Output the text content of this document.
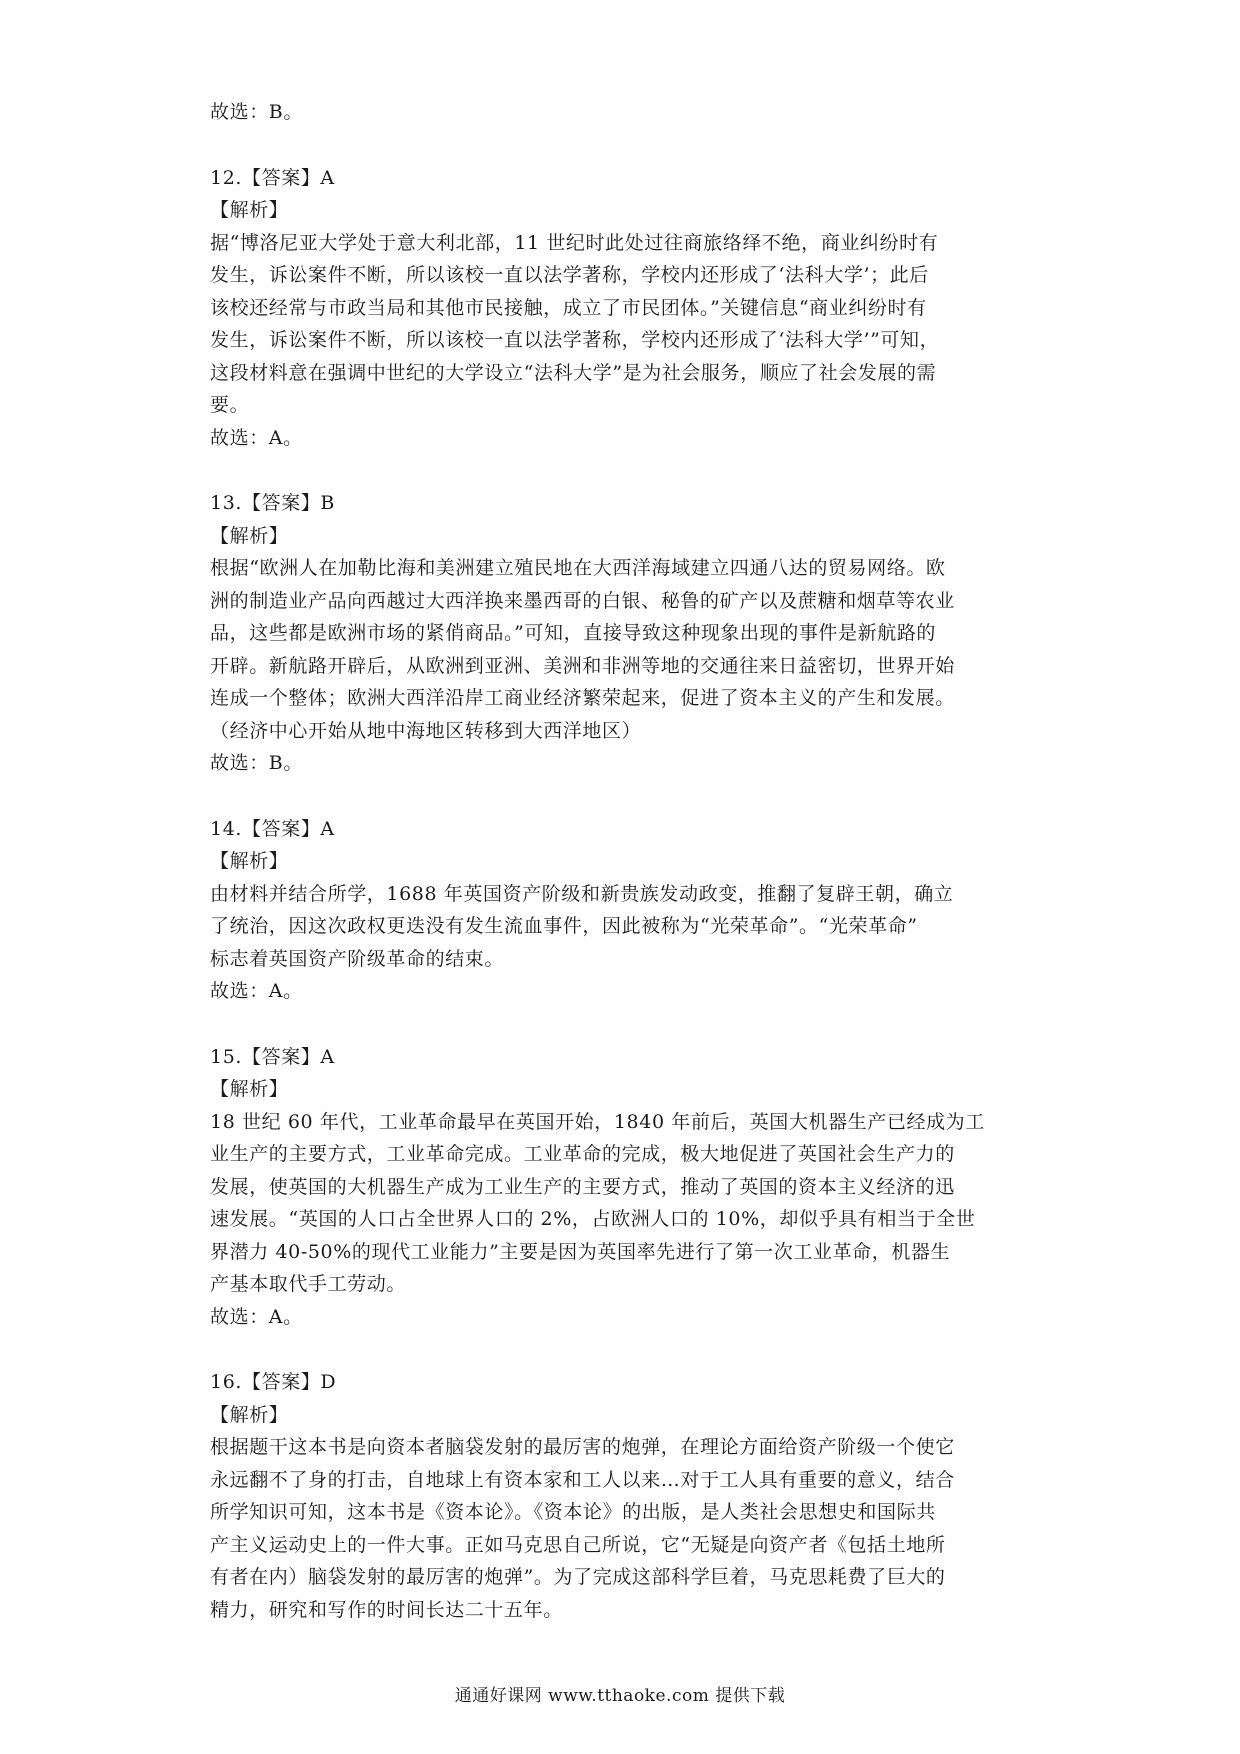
故选：B。
12.【答案】A
【解析】
据“博洛尼亚大学处于意大利北部，11 世纪时此处过往商旅络绎不绝，商业纠纷时有
发生，诉讼案件不断，所以该校一直以法学著称，学校内还形成了‘法科大学’；此后
该校还经常与市政当局和其他市民接触，成立了市民团体。”关键信息“商业纠纷时有
发生，诉讼案件不断，所以该校一直以法学著称，学校内还形成了‘法科大学’”可知，
这段材料意在强调中世纪的大学设立“法科大学”是为社会服务，顺应了社会发展的需
要。
故选：A。
13.【答案】B
【解析】
根据“欧洲人在加勒比海和美洲建立殖民地在大西洋海域建立四通八达的贸易网络。欧
洲的制造业产品向西越过大西洋换来墨西哥的白银、秘鲁的矿产以及蔗糖和烟草等农业
品，这些都是欧洲市场的紧俏商品。”可知，直接导致这种现象出现的事件是新航路的
开辟。新航路开辟后，从欧洲到亚洲、美洲和非洲等地的交通往来日益密切，世界开始
连成一个整体；欧洲大西洋沿岸工商业经济繁荣起来，促进了资本主义的产生和发展。
（经济中心开始从地中海地区转移到大西洋地区）
故选：B。
14.【答案】A
【解析】
由材料并结合所学，1688 年英国资产阶级和新贵族发动政变，推翻了复辟王朝，确立
了统治，因这次政权更迭没有发生流血事件，因此被称为“光荣革命”。“光荣革命”
标志着英国资产阶级革命的结束。
故选：A。
15.【答案】A
【解析】
18 世纪 60 年代，工业革命最早在英国开始，1840 年前后，英国大机器生产已经成为工
业生产的主要方式，工业革命完成。工业革命的完成，极大地促进了英国社会生产力的
发展，使英国的大机器生产成为工业生产的主要方式，推动了英国的资本主义经济的迅
速发展。“英国的人口占全世界人口的 2%，占欧洲人口的 10%，却似乎具有相当于全世
界潜力 40-50%的现代工业能力”主要是因为英国率先进行了第一次工业革命，机器生
产基本取代手工劳动。
故选：A。
16.【答案】D
【解析】
根据题干这本书是向资本者脑袋发射的最厉害的炮弹，在理论方面给资产阶级一个使它
永远翻不了身的打击，自地球上有资本家和工人以来…对于工人具有重要的意义，结合
所学知识可知，这本书是《资本论》。《资本论》的出版，是人类社会思想史和国际共
产主义运动史上的一件大事。正如马克思自己所说，它“无疑是向资产者《包括土地所
有者在内）脑袋发射的最厉害的炮弹”。为了完成这部科学巨着，马克思耗费了巨大的
精力，研究和写作的时间长达二十五年。
通通好课网 www.tthaoke.com 提供下载
